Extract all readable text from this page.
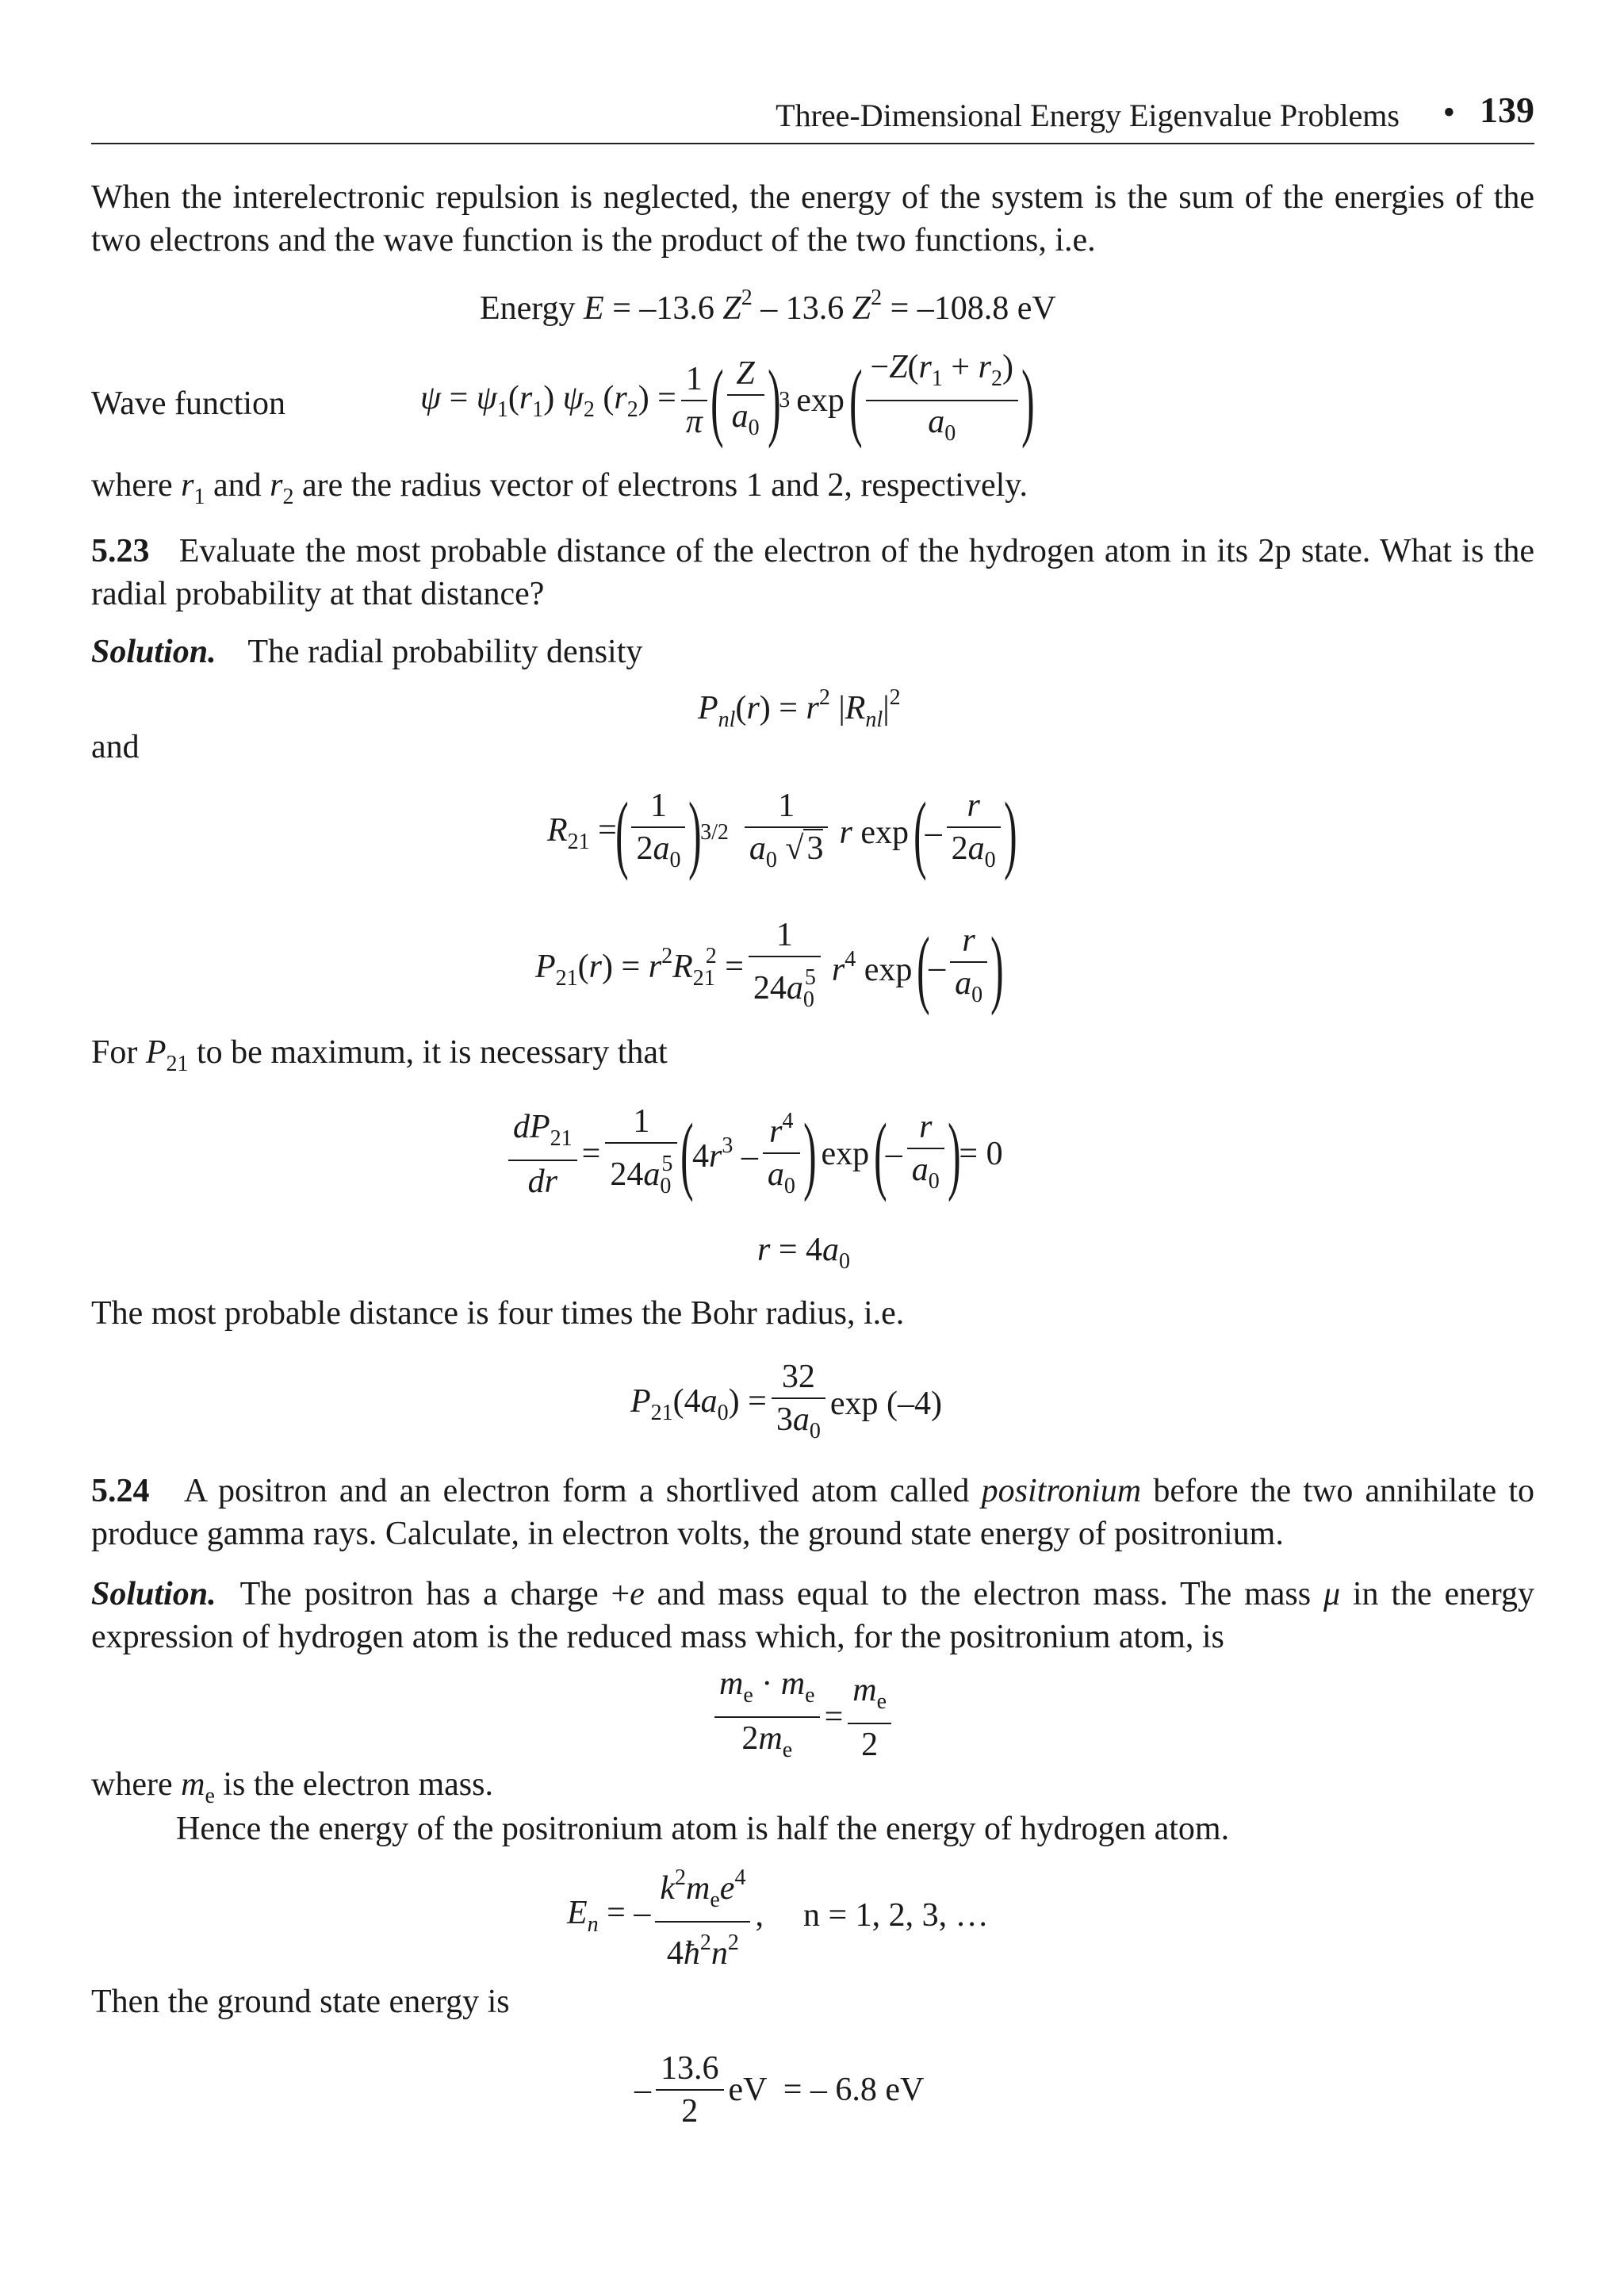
Three-Dimensional Energy Eigenvalue Problems • 139
When the interelectronic repulsion is neglected, the energy of the system is the sum of the energies of the two electrons and the wave function is the product of the two functions, i.e.
Energy E = –13.6 $Z^2 - 13.6$ $Z^2 = -108.8$ eV
Wave function	$\psi = \psi_1(r_1)$ $\psi_2$ $(r_2) = \frac{1}{\pi}$ ( $\frac{Z}{a_0}$ )
3 exp ( $\frac{-Z(r_1 + r_2)}{a_0}$ )
where $r_1$ and $r_2$ are the radius vector of electrons 1 and 2, respectively.
5.23 Evaluate the most probable distance of the electron of the hydrogen atom in its 2p state. What is the radial probability at that distance?
Solution. The radial probability density
$P_{nl}(r) = r^2$ $|R_{nl}|^2$
and
$R_{21}$ =
( $\frac{1}{2a_0}$ )
$3/2 \frac{1}{a_0 √3}$ r exp (
– $\frac{r}{2a_0}$ )
$P_{21}(r) = r^2R_{21}^2 = \frac{1}{24a_0^5} r^4$ exp (
– $\frac{r}{a_0}$ )
For $P_{21}$ to be maximum, it is necessary that
$\frac{dP_{21}}{dr} = \frac{1}{24a_0^5}$ (
$4r^3 - \frac{r^4}{a_0}$ ) exp (
– $\frac{r}{a_0}$ )
= 0
$r = 4a_0$
The most probable distance is four times the Bohr radius, i.e.
$P_{21}(4a_0) = \frac{32}{3a_0}$ exp (–4)
5.24 A positron and an electron form a shortlived atom called positronium before the two annihilate to produce gamma rays. Calculate, in electron volts, the ground state energy of positronium.
Solution. The positron has a charge +e and mass equal to the electron mass. The mass μ in the energy expression of hydrogen atom is the reduced mass which, for the positronium atom, is
$\frac{m_e \cdot m_e}{2m_e} = \frac{m_e}{2}$
where $m_e$ is the electron mass.
Hence the energy of the positronium atom is half the energy of hydrogen atom.
$E_n$ = – $\frac{k^2m_ee^4}{4ħ^2n^2}$ , n = 1, 2, 3, …
Then the ground state energy is
– $\frac{13.6}{2}$ eV  = – 6.8 eV
